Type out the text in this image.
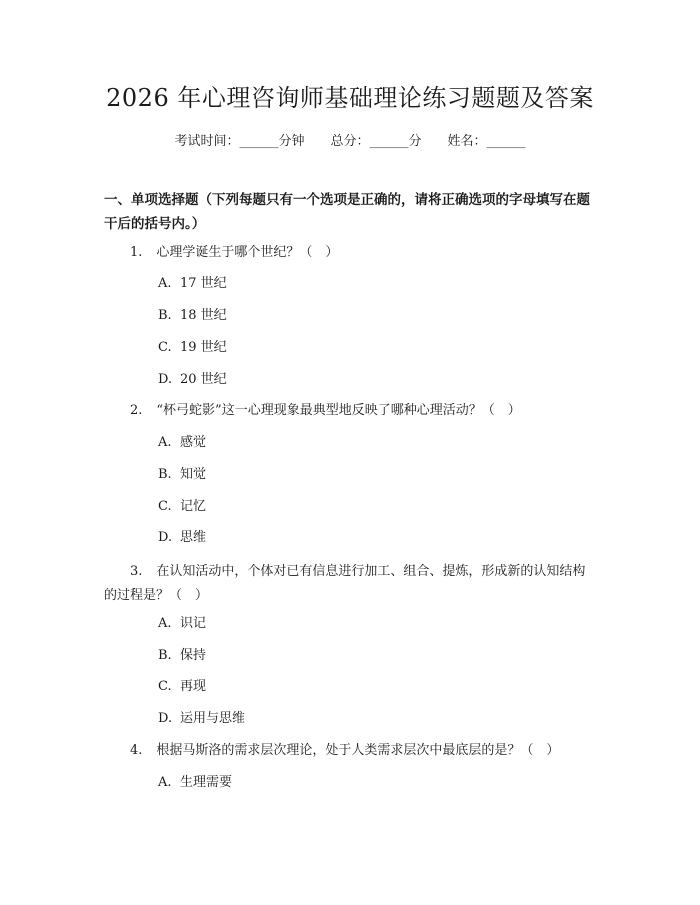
2026 年心理咨询师基础理论练习题题及答案
考试时间：______分钟 总分：______分 姓名：______
一、单项选择题（下列每题只有一个选项是正确的，请将正确选项的字母填写在题干后的括号内。）
1. 心理学诞生于哪个世纪？（　）
A. 17 世纪
B. 18 世纪
C. 19 世纪
D. 20 世纪
2. “杯弓蛇影”这一心理现象最典型地反映了哪种心理活动？（　）
A. 感觉
B. 知觉
C. 记忆
D. 思维
3. 在认知活动中，个体对已有信息进行加工、组合、提炼，形成新的认知结构的过程是？（　）
A. 识记
B. 保持
C. 再现
D. 运用与思维
4. 根据马斯洛的需求层次理论，处于人类需求层次中最底层的是？（　）
A. 生理需要
